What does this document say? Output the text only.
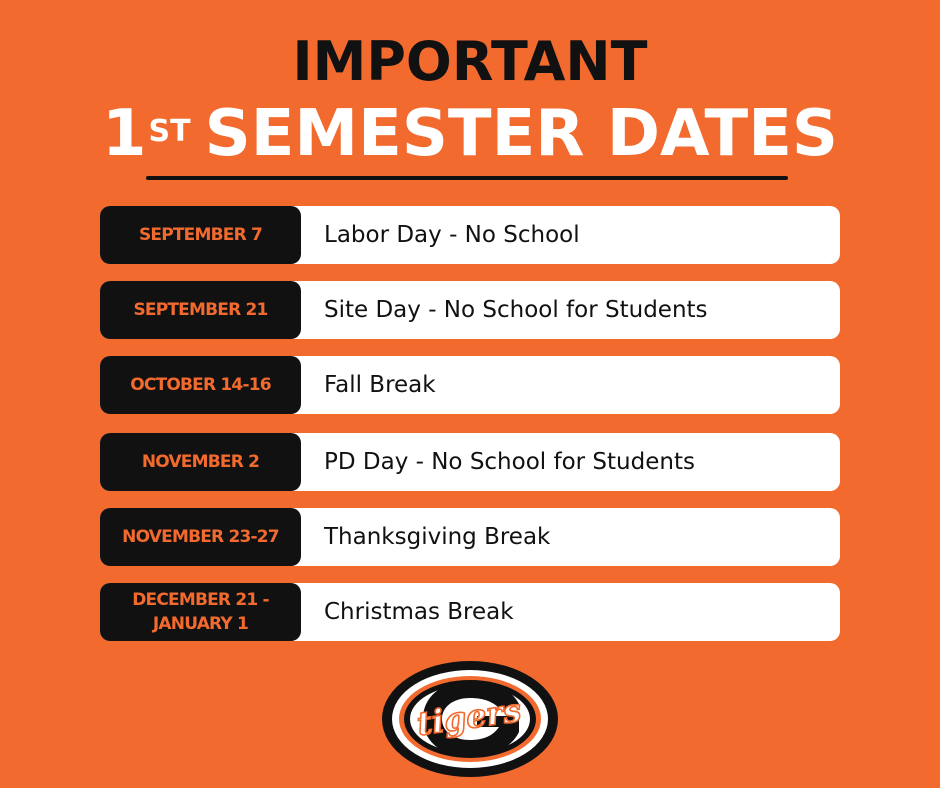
IMPORTANT
1ST SEMESTER DATES
SEPTEMBER 7	Labor Day - No School
SEPTEMBER 21	Site Day - No School for Students
OCTOBER 14-16	Fall Break
NOVEMBER 2	PD Day - No School for Students
NOVEMBER 23-27	Thanksgiving Break
DECEMBER 21 -
JANUARY 1	Christmas Break
tigers
